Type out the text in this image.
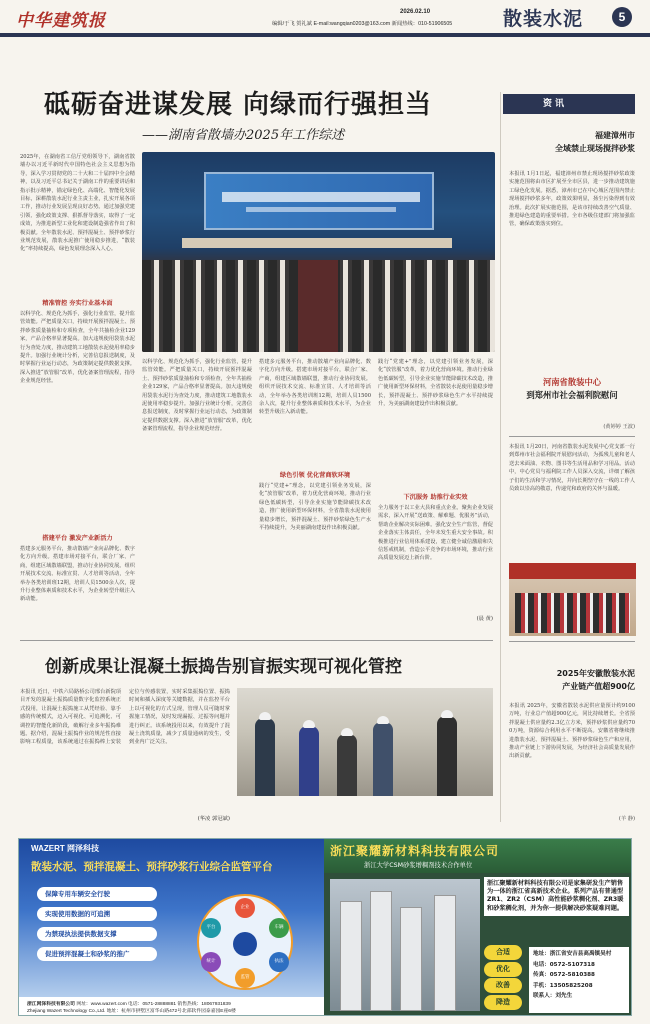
中华建筑报	2026.02.10
编辑/于飞 贺礼斌 E-mail:wangqian0203@163.com 新闻热线：010-51906505	散装水泥	5
砥砺奋进谋发展 向绿而行强担当
——湖南省散墙办2025年工作综述
2025年，在湖南省工信厅党组领导下，湖南省散墙办以习近平新时代中国特色社会主义思想为指导，深入学习贯彻党的二十大和二十届四中全会精神，以及习近平总书记关于湖南工作的重要讲话和指示批示精神，锚定绿色化、高端化、智能化发展目标，深耕散装水泥行业主责主业，扎实开展各项工作，推动行业发展呈现良好态势。通过加强党建引领、强化政策支撑、狠抓督导落实，取得了一定成效，为推进新型工业化和建设制造强省作出了积极贡献。全年散装水泥、预拌混凝土、预拌砂浆行业规范发展，散装水泥推广使用稳步推进，“散装化”率持续提高，绿色发展理念深入人心。
精准管控 夯实行业基本面
以科学化、规范化为抓手，强化行业监管，提升监管效能。严把质量关口，持续开展预拌混凝土、预拌砂浆质量抽检和专项检查，全年共抽检企业129家，产品合格率显著提高。加大违规使用袋装水泥行为查处力度，推动建筑工地散装水泥使用率稳步提升。加强行业统计分析，完善信息报送制度，及时掌握行业运行动态，为政策制定提供数据支撑。深入推进“放管服”改革，优化备案管理流程，指导企业规范经营。
搭建平台 激发产业新活力
搭建多元服务平台，推动散墙产业向品牌化、数字化方向升级。搭建市场对接平台，联合厂家、产商，组建区域散墙联盟，推动行业协同发展。组织开展技术交流、标准宣贯、人才培训等活动，全年举办各类培训班12期，培训人员1500余人次，提升行业整体素质和技术水平，为企业转型升级注入新动能。
以科学化、规范化为抓手，强化行业监管，提升监管效能。严把质量关口，持续开展预拌混凝土、预拌砂浆质量抽检和专项检查，全年共抽检企业129家，产品合格率显著提高。加大违规使用袋装水泥行为查处力度，推动建筑工地散装水泥使用率稳步提升。加强行业统计分析，完善信息报送制度，及时掌握行业运行动态，为政策制定提供数据支撑。深入推进“放管服”改革，优化备案管理流程，指导企业规范经营。
搭建多元服务平台，推动散墙产业向品牌化、数字化方向升级。搭建市场对接平台，联合厂家、产商，组建区域散墙联盟，推动行业协同发展。组织开展技术交流、标准宣贯、人才培训等活动，全年举办各类培训班12期，培训人员1500余人次，提升行业整体素质和技术水平，为企业转型升级注入新动能。
绿色引领 优化营商软环境
践行“党建+”理念，以党建引领业务发展，深化“放管服”改革，着力优化营商环境。推动行业绿色低碳转型，引导企业实施节能降碳技术改造，推广使用新型环保材料，全省散装水泥使用量稳步增长，预拌混凝土、预拌砂浆绿色生产水平持续提升，为美丽湖南建设作出积极贡献。
践行“党建+”理念，以党建引领业务发展，深化“放管服”改革，着力优化营商环境。推动行业绿色低碳转型，引导企业实施节能降碳技术改造，推广使用新型环保材料，全省散装水泥使用量稳步增长，预拌混凝土、预拌砂浆绿色生产水平持续提升，为美丽湖南建设作出积极贡献。
下沉服务 助推行业实效
全力服务于以工业大县和重点企业。聚焦企业发展需求，深入开展“送政策、解难题、优服务”活动，帮助企业解决实际困难。强化安全生产监管，督促企业落实主体责任，全年未发生重大安全事故。积极推进行业信用体系建设，建立健全诚信激励和失信惩戒机制，营造公平竞争的市场环境，推动行业高质量发展迈上新台阶。
(晨 黄)
资讯
福建漳州市
全域禁止现场搅拌砂浆
本报讯 1月1日起，福建漳州市禁止现场搅拌砂浆政策实施范围将由市区扩展至全市区县，进一步推动建筑施工绿色化发展。据悉，漳州市已在中心城区范围内禁止现场搅拌砂浆多年，政策效果明显，扬尘污染得到有效治理。此次扩展实施范围，是该市持续改善空气质量、推进绿色建造的重要举措。全市各级住建部门将加强监管，确保政策落实到位。
(黄婷婷 王波)
河南省散装中心
到郑州市社会福利院慰问
本报讯 1月20日，河南省散装水泥发展中心党支部一行到郑州市社会福利院开展慰问活动，为孤残儿童和老人送去米面油、衣物、图书等生活用品和学习用品。活动中，中心党员与福利院工作人员深入交流，详细了解孩子们的生活和学习情况，并向长期坚守在一线的工作人员致以崇高的敬意，传递党和政府的关怀与温暖。
2025年安徽散装水泥
产业链产值超900亿
本报讯 2025年，安徽省散装水泥供应量预计约9100万吨，行业总产值超900亿元，同比持续增长。全省预拌混凝土供应量约2.3亿立方米，预拌砂浆供应量约700万吨，资源综合利用水平不断提高。安徽省将继续推进散装水泥、预拌混凝土、预拌砂浆绿色生产和应用，推动产业链上下游协同发展，为经济社会高质量发展作出新贡献。
(羊 静)
创新成果让混凝土振捣告别盲振实现可视化管控
本报讯 近日，中铁六局路桥公司邢台新院项目开发的混凝土振捣质量数字化监控系统正式投用，让混凝土振捣施工从凭经验、靠手感的传统模式，迈入可视化、可追溯化、可调控的智能化新阶段，破解行业多年振捣难题。据介绍，混凝土振捣作业的规范性直接影响工程质量，该系统通过在振捣棒上安装定位与传感装置，实时采集振捣位置、振捣时间和插入深度等关键数据，并在监控平台上以可视化的方式呈现，管理人员可随时掌握施工情况，及时发现漏振、过振等问题并进行纠正。该系统投用以来，有效提升了混凝土浇筑质量，减少了质量通病的发生，受到业内广泛关注。
(华凌 郭冠斌)
WAZERT 网泽科技
散装水泥、预拌混凝土、预拌砂浆行业综合监管平台
保障专用车辆安全行驶
实现使用数据的可追溯
为禁现执法提供数据支撑
促进预拌混凝土和砂浆的推广
企业
车辆
执法
监管
统计
平台
浙江网泽科技有限公司 网址：www.wazert.com 电话：0571-28888881 销售热线：18067931839
Zhejiang Wazert Technology Co.,Ltd. 地址：杭州市拱墅区富华山路472号北部软件园泰嘉园E座6楼
浙江聚耀新材料科技有限公司
浙江大学CSM砂浆增稠剂技术合作单位
浙江聚耀新材料科技有限公司是家集研发生产销售为一体的浙江省高新技术企业。系列产品有普通型ZR1、ZR2（CSM）高性能砂浆稠化剂、ZR3暖和砂浆稠化剂，并为你一提供解决砂浆疑难问题。
合适
优化
改善
降造
地址：浙江省安吉县高禹镇吴村
电话：0572-5107318
传真：0572-5810388
手机：13505825208
联系人：刘先生
